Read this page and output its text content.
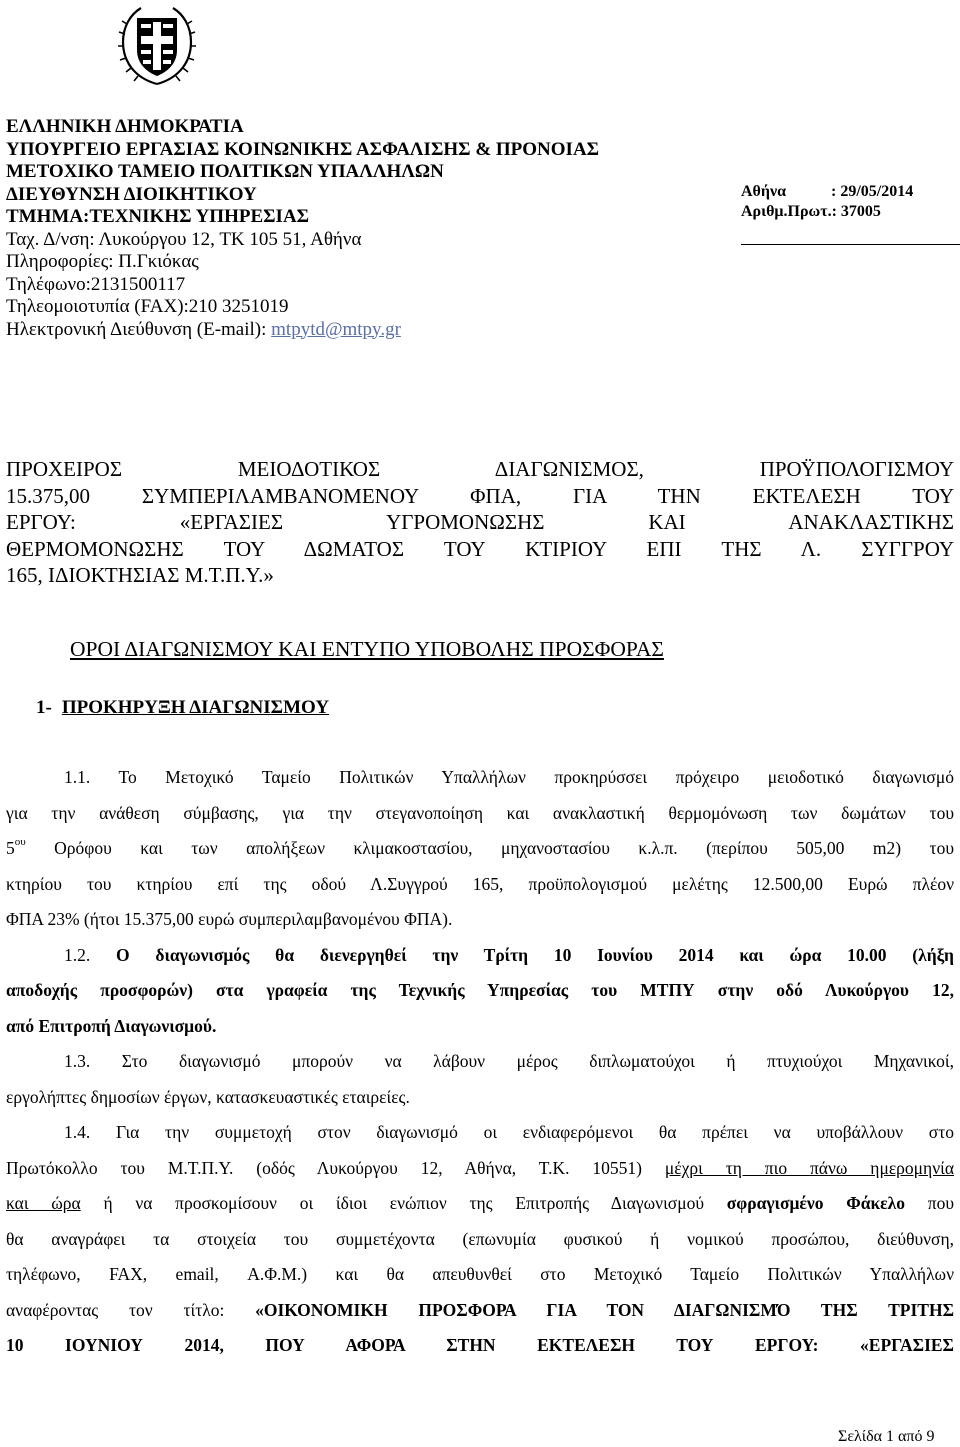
ΕΛΛΗΝΙΚΗ ΔΗΜΟΚΡΑΤΙΑ
ΥΠΟΥΡΓΕΙΟ ΕΡΓΑΣΙΑΣ ΚΟΙΝΩΝΙΚΗΣ ΑΣΦΑΛΙΣΗΣ & ΠΡΟΝΟΙΑΣ
ΜΕΤΟΧΙΚΟ ΤΑΜΕΙΟ ΠΟΛΙΤΙΚΩΝ ΥΠΑΛΛΗΛΩΝ
ΔΙΕΥΘΥΝΣΗ ΔΙΟΙΚΗΤΙΚΟΥ
ΤΜΗΜΑ:ΤΕΧΝΙΚΗΣ ΥΠΗΡΕΣΙΑΣ
Ταχ. Δ/νση: Λυκούργου 12, ΤΚ 105 51, Αθήνα
Πληροφορίες: Π.Γκιόκας
Τηλέφωνο:2131500117
Τηλεομοιοτυπία (FAX):210 3251019
Ηλεκτρονική Διεύθυνση (E-mail): mtpytd@mtpy.gr
Αθήνα	: 29/05/2014
Αριθμ.Πρωτ. : 37005
ΠΡΟΧΕΙΡΟΣ ΜΕΙΟΔΟΤΙΚΟΣ ΔΙΑΓΩΝΙΣΜΟΣ, ΠΡΟΫΠΟΛΟΓΙΣΜΟΥ
15.375,00 ΣΥΜΠΕΡΙΛΑΜΒΑΝΟΜΕΝΟΥ ΦΠΑ, ΓΙΑ ΤΗΝ ΕΚΤΕΛΕΣΗ ΤΟΥ
ΕΡΓΟΥ: «ΕΡΓΑΣΙΕΣ ΥΓΡΟΜΟΝΩΣΗΣ ΚΑΙ ΑΝΑΚΛΑΣΤΙΚΗΣ
ΘΕΡΜΟΜΟΝΩΣΗΣ ΤΟΥ ΔΩΜΑΤΟΣ ΤΟΥ ΚΤΙΡΙΟΥ ΕΠΙ ΤΗΣ Λ. ΣΥΓΓΡΟΥ
165, ΙΔΙΟΚΤΗΣΙΑΣ Μ.Τ.Π.Υ.»
ΟΡΟΙ ΔΙΑΓΩΝΙΣΜΟΥ ΚΑΙ ΕΝΤΥΠΟ ΥΠΟΒΟΛΗΣ ΠΡΟΣΦΟΡΑΣ
1- ΠΡΟΚΗΡΥΞΗ ΔΙΑΓΩΝΙΣΜΟΥ
1.1. Το Μετοχικό Ταμείο Πολιτικών Υπαλλήλων προκηρύσσει πρόχειρο μειοδοτικό διαγωνισμό
για την ανάθεση σύμβασης, για την στεγανοποίηση και ανακλαστική θερμομόνωση των δωμάτων του
$5^{o\upsilon}$ Ορόφου και των απολήξεων κλιμακοστασίου, μηχανοστασίου κ.λ.π. (περίπου 505,00 m2) του
κτηρίου του κτηρίου επί της οδού Λ.Συγγρού 165, προϋπολογισμού μελέτης 12.500,00 Ευρώ πλέον
ΦΠΑ 23% (ήτοι 15.375,00 ευρώ συμπεριλαμβανομένου ΦΠΑ).
1.2. Ο διαγωνισμός θα διενεργηθεί την Τρίτη 10 Ιουνίου 2014 και ώρα 10.00 (λήξη
αποδοχής προσφορών) στα γραφεία της Τεχνικής Υπηρεσίας του ΜΤΠΥ στην οδό Λυκούργου 12,
από Επιτροπή Διαγωνισμού.
1.3. Στο διαγωνισμό μπορούν να λάβουν μέρος διπλωματούχοι ή πτυχιούχοι Μηχανικοί,
εργολήπτες δημοσίων έργων, κατασκευαστικές εταιρείες.
1.4. Για την συμμετοχή στον διαγωνισμό οι ενδιαφερόμενοι θα πρέπει να υποβάλλουν στο
Πρωτόκολλο του Μ.Τ.Π.Υ. (οδός Λυκούργου 12, Αθήνα, Τ.Κ. 10551) μέχρι τη πιο πάνω ημερομηνία
και ώρα ή να προσκομίσουν οι ίδιοι ενώπιον της Επιτροπής Διαγωνισμού σφραγισμένο Φάκελο που
θα αναγράφει τα στοιχεία του συμμετέχοντα (επωνυμία φυσικού ή νομικού προσώπου, διεύθυνση,
τηλέφωνο, FAX, email, Α.Φ.Μ.) και θα απευθυνθεί στο Μετοχικό Ταμείο Πολιτικών Υπαλλήλων
αναφέροντας τον τίτλο: «ΟΙΚΟΝΟΜΙΚΗ ΠΡΟΣΦΟΡΑ ΓΙΑ ΤΟΝ ΔΙΑΓΩΝΙΣΜΌ ΤΗΣ ΤΡΙΤΗΣ
10 ΙΟΥΝΙΟΥ 2014, ΠΟΥ ΑΦΟΡΑ ΣΤΗΝ ΕΚΤΕΛΕΣΗ ΤΟΥ ΕΡΓΟΥ: «ΕΡΓΑΣΙΕΣ
Σελίδα 1 από 9
